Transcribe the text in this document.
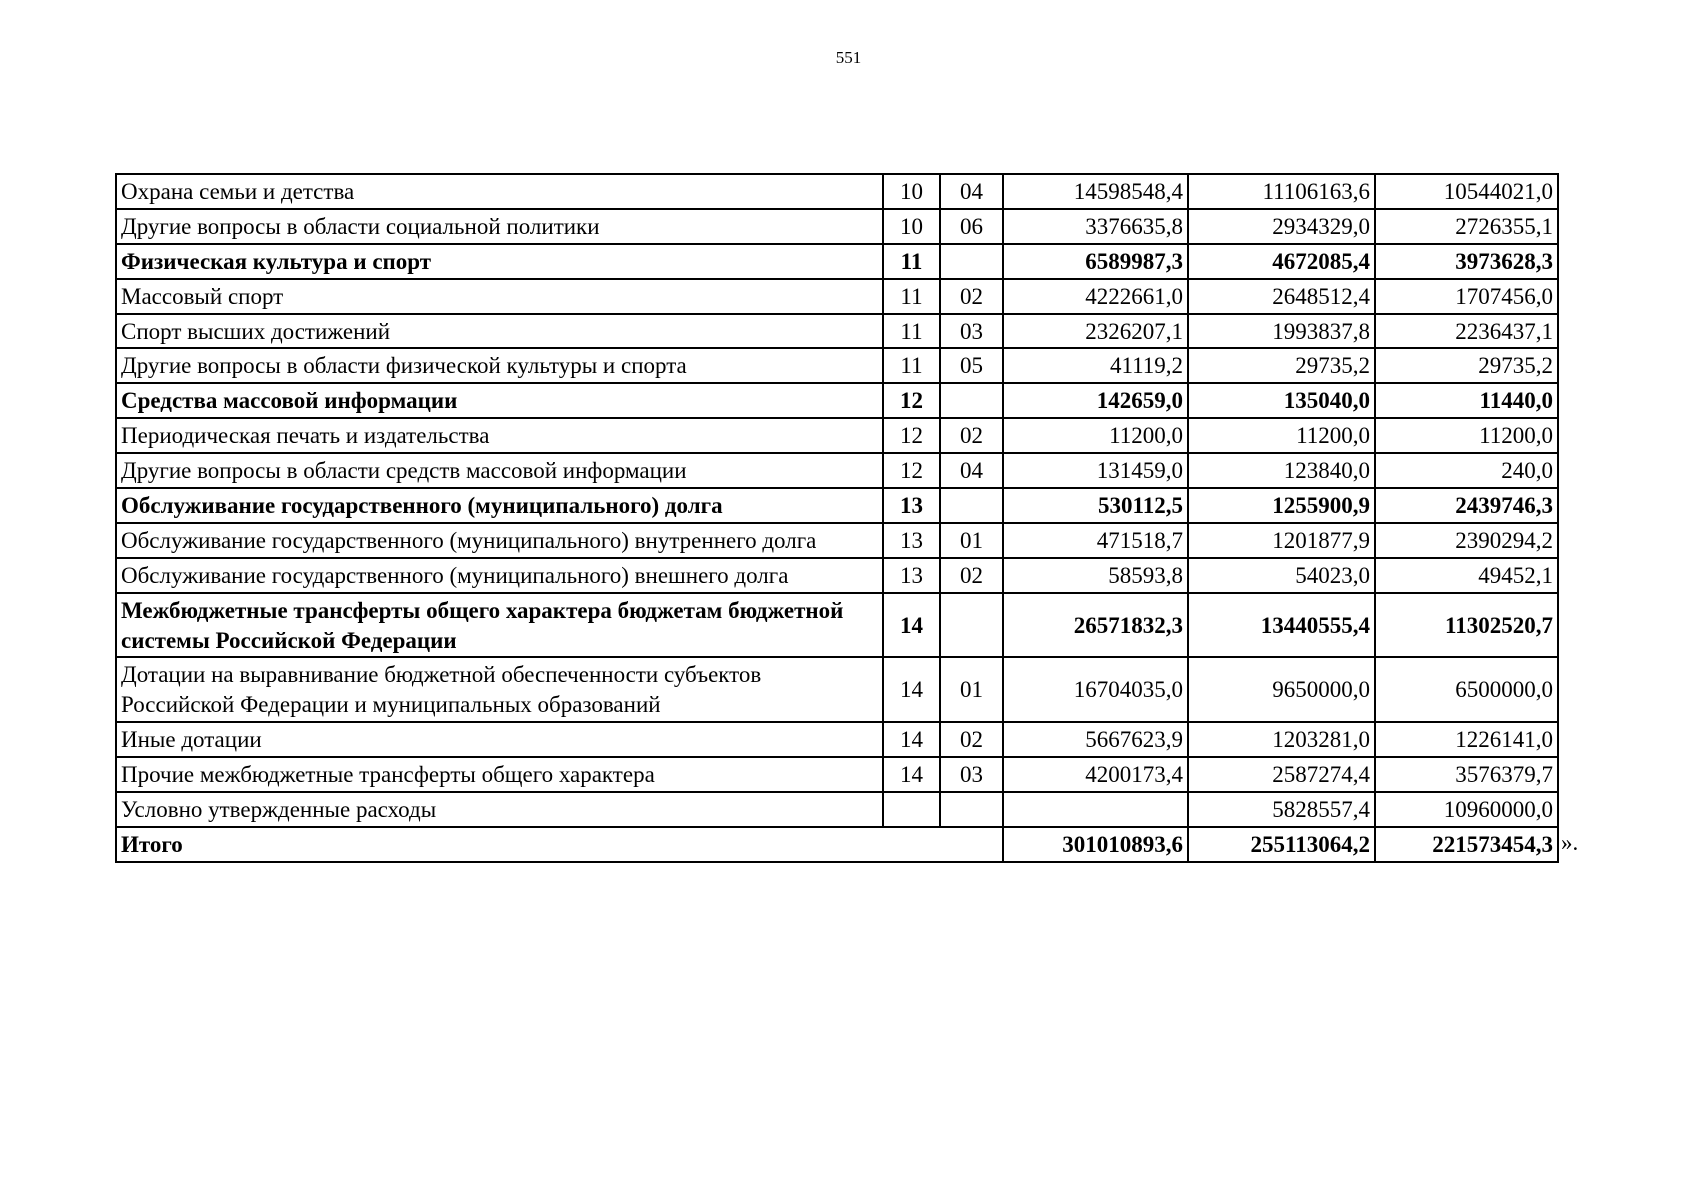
551
Охрана семьи и детства	10	04	14598548,4	11106163,6	10544021,0
Другие вопросы в области социальной политики	10	06	3376635,8	2934329,0	2726355,1
Физическая культура и спорт	11		6589987,3	4672085,4	3973628,3
Массовый спорт	11	02	4222661,0	2648512,4	1707456,0
Спорт высших достижений	11	03	2326207,1	1993837,8	2236437,1
Другие вопросы в области физической культуры и спорта	11	05	41119,2	29735,2	29735,2
Средства массовой информации	12		142659,0	135040,0	11440,0
Периодическая печать и издательства	12	02	11200,0	11200,0	11200,0
Другие вопросы в области средств массовой информации	12	04	131459,0	123840,0	240,0
Обслуживание государственного (муниципального) долга	13		530112,5	1255900,9	2439746,3
Обслуживание государственного (муниципального) внутреннего долга	13	01	471518,7	1201877,9	2390294,2
Обслуживание государственного (муниципального) внешнего долга	13	02	58593,8	54023,0	49452,1
Межбюджетные трансферты общего характера бюджетам бюджетной системы Российской Федерации	14		26571832,3	13440555,4	11302520,7
Дотации на выравнивание бюджетной обеспеченности субъектов Российской Федерации и муниципальных образований	14	01	16704035,0	9650000,0	6500000,0
Иные дотации	14	02	5667623,9	1203281,0	1226141,0
Прочие межбюджетные трансферты общего характера	14	03	4200173,4	2587274,4	3576379,7
Условно утвержденные расходы				5828557,4	10960000,0
Итого			301010893,6	255113064,2	221573454,3 ».
